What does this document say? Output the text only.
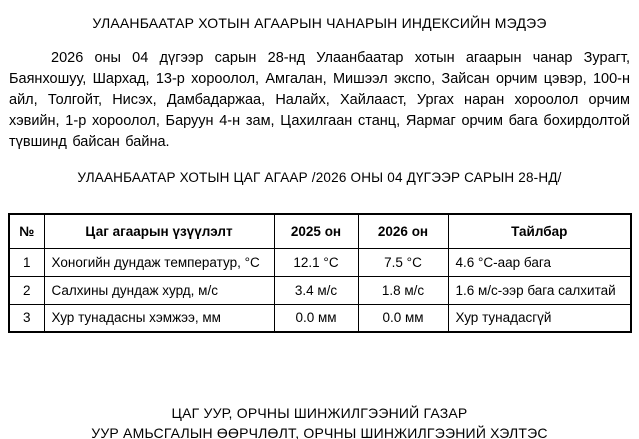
УЛААНБААТАР ХОТЫН АГААРЫН ЧАНАРЫН ИНДЕКСИЙН МЭДЭЭ

2026 оны 04 дүгээр сарын 28-нд Улаанбаатар хотын агаарын чанар Зурагт, Баянхошуу, Шархад, 13-р хороолол, Амгалан, Мишээл экспо, Зайсан орчим цэвэр, 100-н айл, Толгойт, Нисэх, Дамбадаржаа, Налайх, Хайлааст, Ургах наран хороолол орчим хэвийн, 1-р хороолол, Баруун 4-н зам, Цахилгаан станц, Яармаг орчим бага бохирдолтой түвшинд байсан байна.

УЛААНБААТАР ХОТЫН ЦАГ АГААР /2026 ОНЫ 04 ДҮГЭЭР САРЫН 28-НД/
№	Цаг агаарын үзүүлэлт	2025 он	2026 он	Тайлбар
1	Хоногийн дундаж температур, °С	12.1 °С	7.5 °С	4.6 °С-аар бага
2	Салхины дундаж хурд, м/с	3.4 м/с	1.8 м/с	1.6 м/с-ээр бага салхитай
3	Хур тунадасны хэмжээ, мм	0.0 мм	0.0 мм	Хур тунадасгүй
ЦАГ УУР, ОРЧНЫ ШИНЖИЛГЭЭНИЙ ГАЗАР
УУР АМЬСГАЛЫН ӨӨРЧЛӨЛТ, ОРЧНЫ ШИНЖИЛГЭЭНИЙ ХЭЛТЭС
